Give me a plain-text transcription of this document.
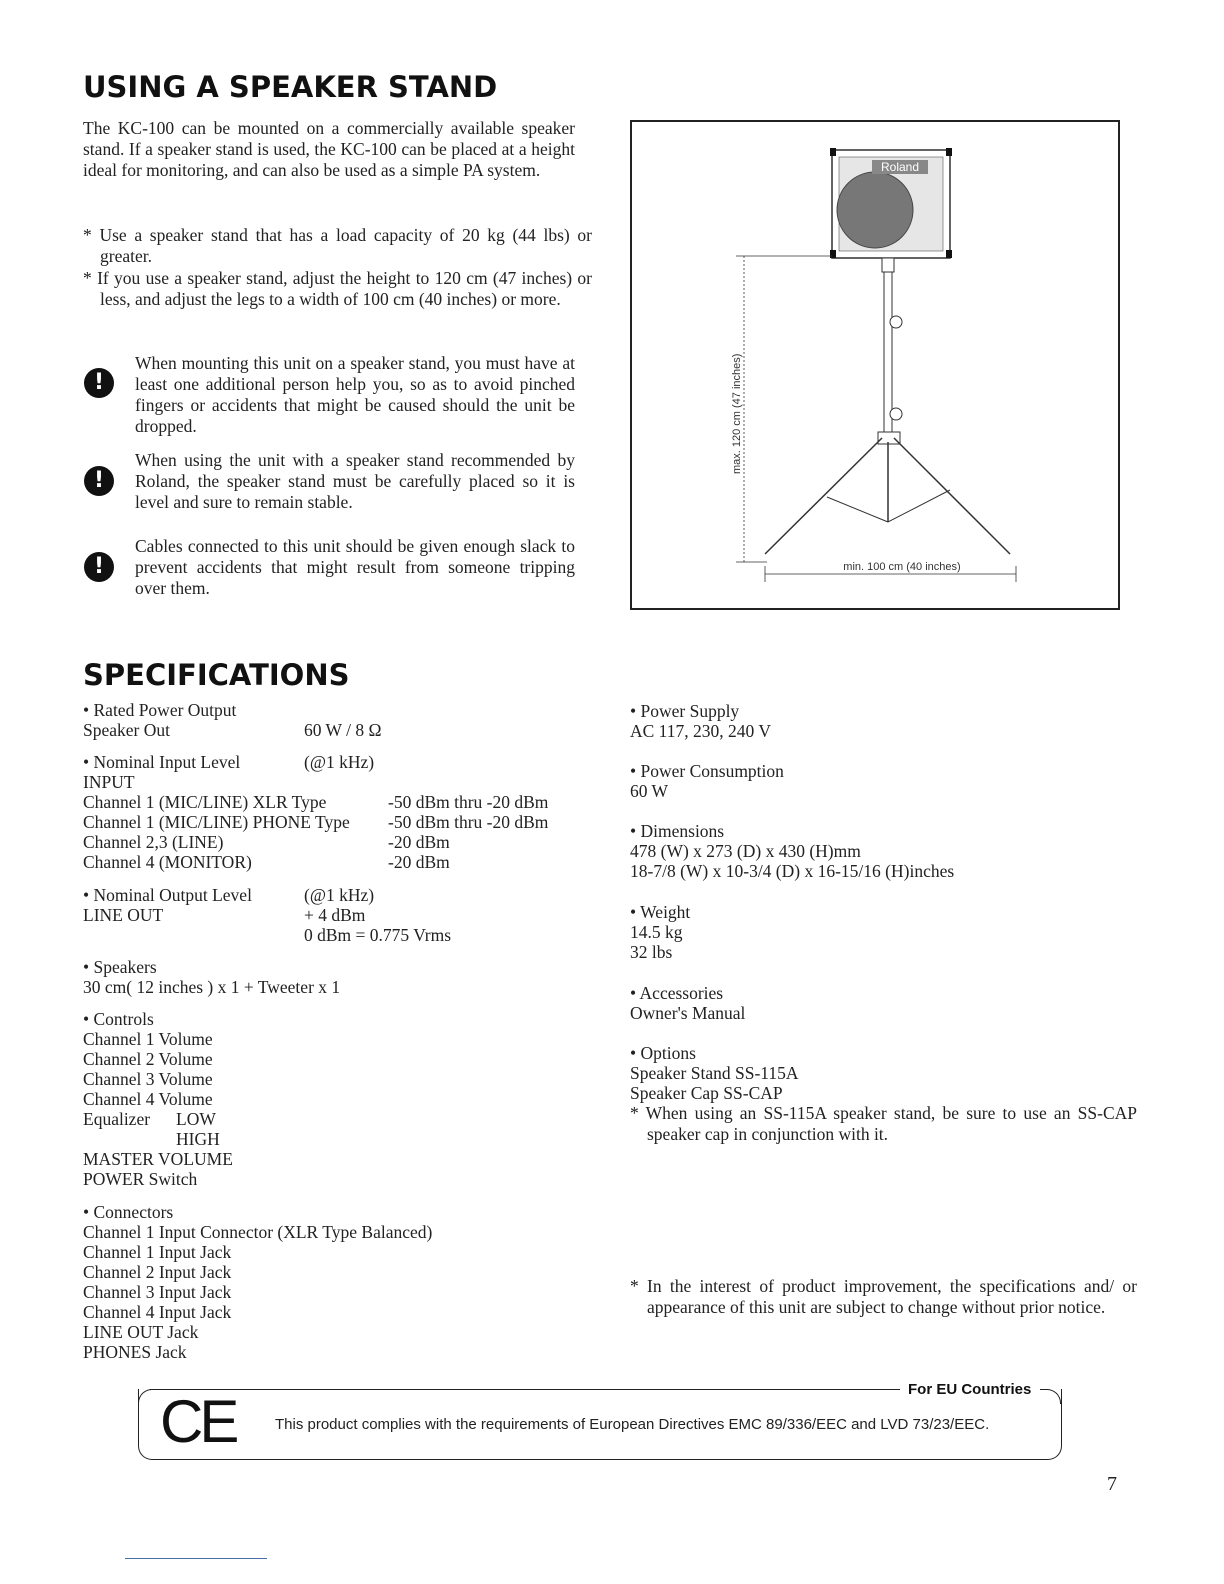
USING A SPEAKER STAND
The KC-100 can be mounted on a commercially available speaker stand. If a speaker stand is used, the KC-100 can be placed at a height ideal for monitoring, and can also be used as a simple PA system.
* Use a speaker stand that has a load capacity of 20 kg (44 lbs) or greater.
* If you use a speaker stand, adjust the height to 120 cm (47 inches) or less, and adjust the legs to a width of 100 cm (40 inches) or more.
!
When mounting this unit on a speaker stand, you must have at least one additional person help you, so as to avoid pinched fingers or accidents that might be caused should the unit be dropped.
!
When using the unit with a speaker stand recommended by Roland, the speaker stand must be carefully placed so it is level and sure to remain stable.
!
Cables connected to this unit should be given enough slack to prevent accidents that might result from someone tripping over them.
Roland
max. 120 cm (47 inches)
min. 100 cm (40 inches)
SPECIFICATIONS
• Rated Power Output
Speaker Out	60 W / 8 Ω
• Nominal Input Level	(@1 kHz)
INPUT
Channel 1 (MIC/LINE) XLR Type	-50 dBm thru -20 dBm
Channel 1 (MIC/LINE) PHONE Type -50 dBm thru -20 dBm
Channel 2,3 (LINE)	-20 dBm
Channel 4 (MONITOR)	-20 dBm
• Nominal Output Level	(@1 kHz)
LINE OUT	+ 4 dBm
0 dBm = 0.775 Vrms
• Speakers
30 cm( 12 inches ) x 1 + Tweeter x 1
• Controls
Channel 1 Volume
Channel 2 Volume
Channel 3 Volume
Channel 4 Volume
Equalizer LOW
HIGH
MASTER VOLUME
POWER Switch
• Connectors
Channel 1 Input Connector (XLR Type Balanced)
Channel 1 Input Jack
Channel 2 Input Jack
Channel 3 Input Jack
Channel 4 Input Jack
LINE OUT Jack
PHONES Jack
• Power Supply
AC 117, 230, 240 V
• Power Consumption
60 W
• Dimensions
478 (W) x 273 (D) x 430 (H)mm
18-7/8 (W) x 10-3/4 (D) x 16-15/16 (H)inches
• Weight
14.5 kg
32 lbs
• Accessories
Owner's Manual
• Options
Speaker Stand SS-115A
Speaker Cap SS-CAP
* When using an SS-115A speaker stand, be sure to use an SS-CAP speaker cap in conjunction with it.
* In the interest of product improvement, the specifications and/ or appearance of this unit are subject to change without prior notice.
For EU Countries
CE	This product complies with the requirements of European Directives EMC 89/336/EEC and LVD 73/23/EEC.
7
